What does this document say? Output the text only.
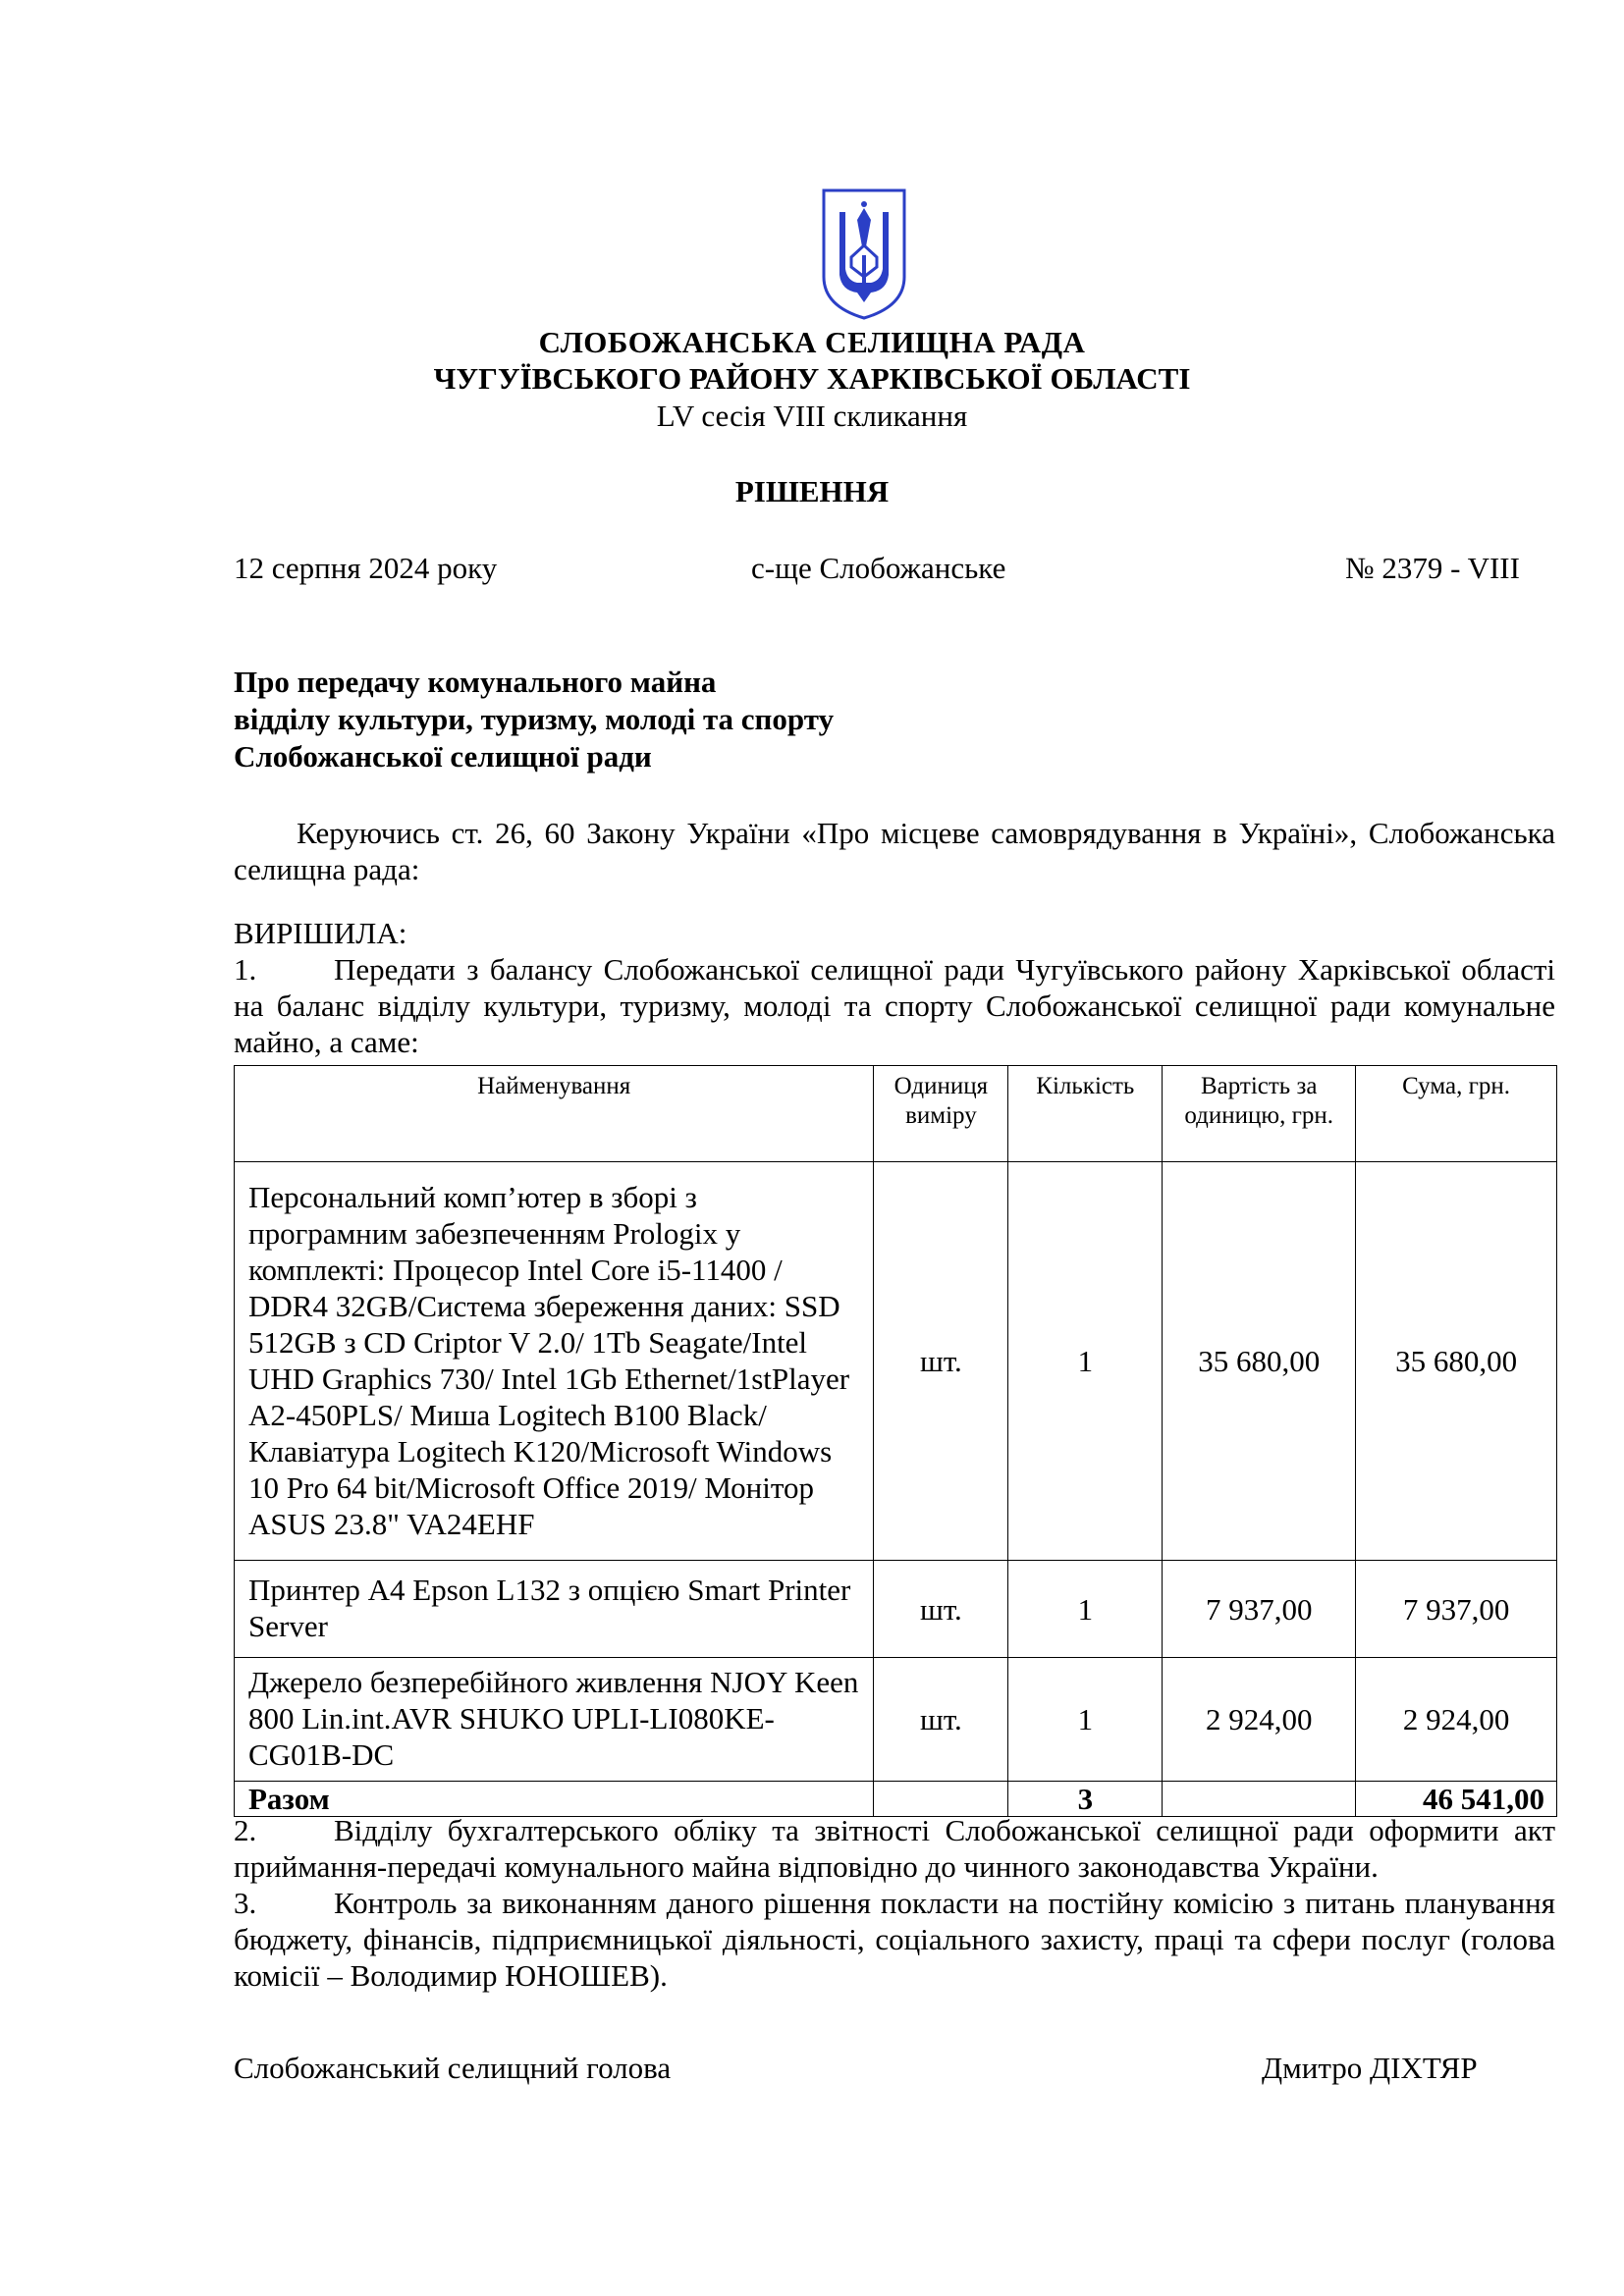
СЛОБОЖАНСЬКА СЕЛИЩНА РАДА
ЧУГУЇВСЬКОГО РАЙОНУ ХАРКІВСЬКОЇ ОБЛАСТІ
LV сесія VIII скликання
РІШЕННЯ
12 серпня 2024 року	с-ще Слобожанське	№ 2379 - VIII
Про передачу комунального майна
відділу культури, туризму, молоді та спорту
Слобожанської селищної ради
Керуючись ст. 26, 60 Закону України «Про місцеве самоврядування в Україні», Слобожанська селищна рада:
ВИРІШИЛА:
1.	Передати з балансу Слобожанської селищної ради Чугуївського району Харківської області на баланс відділу культури, туризму, молоді та спорту Слобожанської селищної ради комунальне майно, а саме:
Найменування	Одиниця виміру	Кількість	Вартість за одиницю, грн.	Сума, грн.
Персональний комп’ютер в зборі з програмним забезпеченням Prologix у комплекті: Процесор Intel Core i5-11400 / DDR4 32GB/Система збереження даних: SSD 512GB з CD Criptor V 2.0/ 1Tb Seagate/Intel UHD Graphics 730/ Intel 1Gb Ethernet/1stPlayer A2-450PLS/ Миша Logitech B100 Black/Клавіатура Logitech K120/Microsoft Windows 10 Pro 64 bit/Microsoft Office 2019/ Монітор ASUS 23.8" VA24EHF	шт.	1	35 680,00	35 680,00
Принтер А4 Epson L132 з опцією Smart Printer Server	шт.	1	7 937,00	7 937,00
Джерело безперебійного живлення NJOY Keen 800 Lin.int.AVR SHUKO UPLI-LI080KE-CG01B-DC	шт.	1	2 924,00	2 924,00
Разом		3		46 541,00
2.	Відділу бухгалтерського обліку та звітності Слобожанської селищної ради оформити акт приймання-передачі комунального майна відповідно до чинного законодавства України.
3.	Контроль за виконанням даного рішення покласти на постійну комісію з питань планування бюджету, фінансів, підприємницької діяльності, соціального захисту, праці та сфери послуг (голова комісії – Володимир ЮНОШЕВ).
Слобожанський селищний голова	Дмитро ДІХТЯР
